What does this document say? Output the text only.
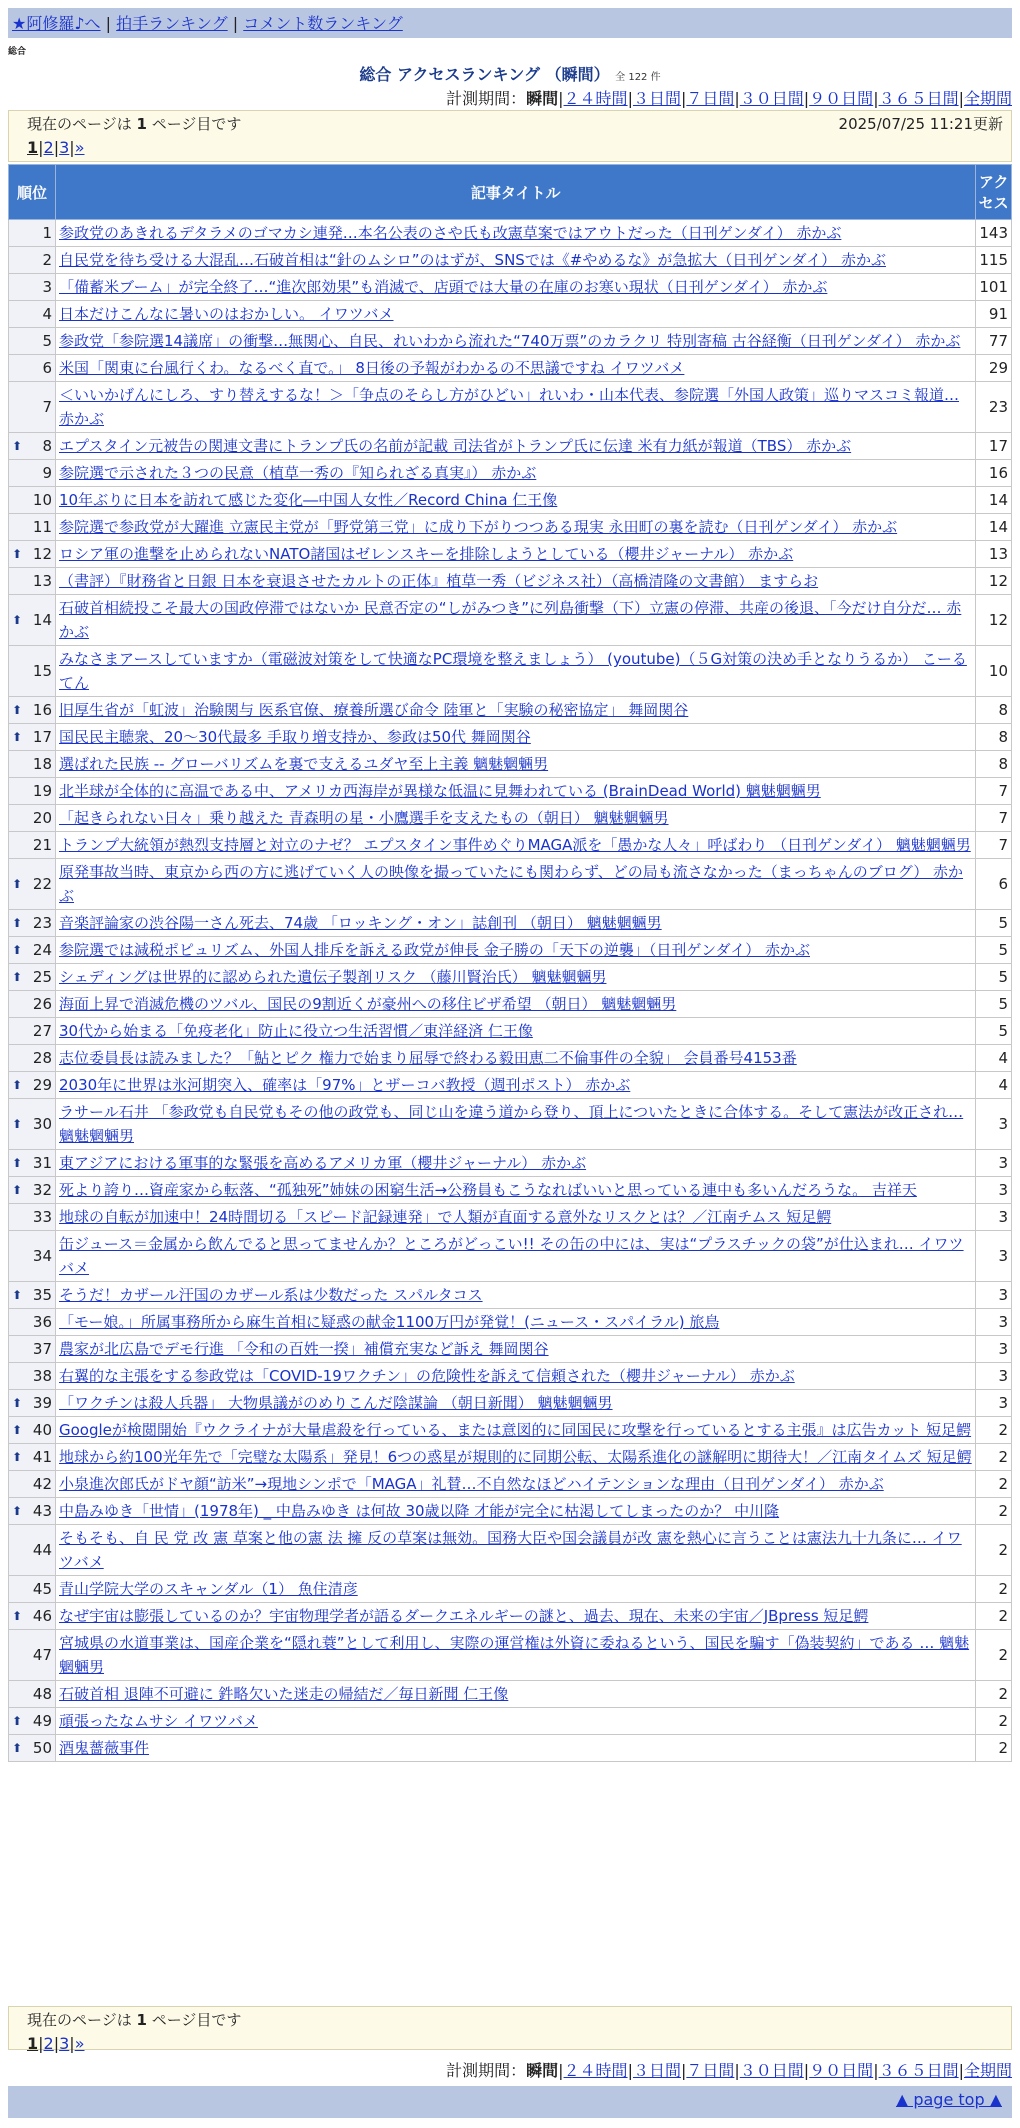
★阿修羅♪へ | 拍手ランキング | コメント数ランキング
総合
総合 アクセスランキング （瞬間） 全 122 件
計測期間：瞬間|２４時間|３日間|７日間|３０日間|９０日間|３６５日間|全期間
現在のページは 1 ページ目です	2025/07/25 11:21更新
1|2|3|»
順位	記事タイトル	アクセス
1	参政党のあきれるデタラメのゴマカシ連発…本名公表のさや氏も改憲草案ではアウトだった（日刊ゲンダイ） 赤かぶ	143
2	自民党を待ち受ける大混乱…石破首相は“針のムシロ”のはずが、SNSでは《#やめるな》が急拡大（日刊ゲンダイ） 赤かぶ	115
3	「備蓄米ブーム」が完全終了…“進次郎効果”も消滅で、店頭では大量の在庫のお寒い現状（日刊ゲンダイ） 赤かぶ	101
4	日本だけこんなに暑いのはおかしい。 イワツバメ	91
5	参政党「参院選14議席」の衝撃…無関心、自民、れいわから流れた“740万票”のカラクリ 特別寄稿 古谷経衡（日刊ゲンダイ） 赤かぶ	77
6	米国「関東に台風行くわ。なるべく直で。」 8日後の予報がわかるの不思議ですね イワツバメ	29
7	＜いいかげんにしろ、すり替えするな！＞「争点のそらし方がひどい」れいわ・山本代表、参院選「外国人政策」巡りマスコミ報道… 赤かぶ	23

⬆ 8	エプスタイン元被告の関連文書にトランプ氏の名前が記載 司法省がトランプ氏に伝達 米有力紙が報道（TBS） 赤かぶ	17
9	参院選で示された３つの民意（植草一秀の『知られざる真実』） 赤かぶ	16
10	10年ぶりに日本を訪れて感じた変化―中国人女性／Record China 仁王像	14
11	参院選で参政党が大躍進 立憲民主党が「野党第三党」に成り下がりつつある現実 永田町の裏を読む（日刊ゲンダイ） 赤かぶ	14

⬆ 12	ロシア軍の進撃を止められないNATO諸国はゼレンスキーを排除しようとしている（櫻井ジャーナル） 赤かぶ	13
13	（書評）『財務省と日銀 日本を衰退させたカルトの正体』植草一秀（ビジネス社）（高橋清隆の文書館） ますらお	12

⬆ 14	石破首相続投こそ最大の国政停滞ではないか 民意否定の“しがみつき”に列島衝撃（下）立憲の停滞、共産の後退、「今だけ自分だ… 赤かぶ	12
15	みなさまアースしていますか（電磁波対策をして快適なPC環境を整えましょう） (youtube)（５G対策の決め手となりうるか） こーるてん	10

⬆ 16	旧厚生省が「虹波」治験関与 医系官僚、療養所選び命令 陸軍と「実験の秘密協定」 舞岡関谷	8

⬆ 17	国民民主聴衆、20〜30代最多 手取り増支持か、参政は50代 舞岡関谷	8
18	選ばれた民族 -- グローバリズムを裏で支えるユダヤ至上主義 魑魅魍魎男	8
19	北半球が全体的に高温である中、アメリカ西海岸が異様な低温に見舞われている (BrainDead World) 魑魅魍魎男	7
20	「起きられない日々」乗り越えた 青森明の星・小鷹選手を支えたもの（朝日） 魑魅魍魎男	7
21	トランプ大統領が熱烈支持層と対立のナゼ？ エプスタイン事件めぐりMAGA派を「愚かな人々」呼ばわり （日刊ゲンダイ） 魑魅魍魎男	7

⬆ 22	原発事故当時、東京から西の方に逃げていく人の映像を撮っていたにも関わらず、どの局も流さなかった（まっちゃんのブログ） 赤かぶ	6

⬆ 23	音楽評論家の渋谷陽一さん死去、74歳 「ロッキング・オン」誌創刊 （朝日） 魑魅魍魎男	5

⬆ 24	参院選では減税ポピュリズム、外国人排斥を訴える政党が伸長 金子勝の「天下の逆襲」（日刊ゲンダイ） 赤かぶ	5

⬆ 25	シェディングは世界的に認められた遺伝子製剤リスク （藤川賢治氏） 魑魅魍魎男	5
26	海面上昇で消滅危機のツバル、国民の9割近くが豪州への移住ビザ希望 （朝日） 魑魅魍魎男	5
27	30代から始まる「免疫老化」防止に役立つ生活習慣／東洋経済 仁王像	5
28	志位委員長は読みました？「鮎とピク 権力で始まり屈辱で終わる毅田恵二不倫事件の全貌」 会員番号4153番	4

⬆ 29	2030年に世界は氷河期突入、確率は「97%」とザーコバ教授（週刊ポスト） 赤かぶ	4

⬆ 30	ラサール石井 「参政党も自民党もその他の政党も、同じ山を違う道から登り、頂上についたときに合体する。そして憲法が改正され… 魑魅魍魎男	3

⬆ 31	東アジアにおける軍事的な緊張を高めるアメリカ軍（櫻井ジャーナル） 赤かぶ	3

⬆ 32	死より誇り…資産家から転落、“孤独死”姉妹の困窮生活→公務員もこうなればいいと思っている連中も多いんだろうな。 吉祥天	3
33	地球の自転が加速中！24時間切る「スピード記録連発」で人類が直面する意外なリスクとは？／江南チムス 短足鰐	3
34	缶ジュース＝金属から飲んでると思ってませんか？ところがどっこい!! その缶の中には、実は“プラスチックの袋”が仕込まれ… イワツバメ	3

⬆ 35	そうだ！カザール汗国のカザール系は少数だった スパルタコス	3
36	「モー娘。」所属事務所から麻生首相に疑惑の献金1100万円が発覚！(ニュース・スパイラル) 旅鳥	3
37	農家が北広島でデモ行進 「令和の百姓一揆」補償充実など訴え 舞岡関谷	3
38	右翼的な主張をする参政党は「COVID-19ワクチン」の危険性を訴えて信頼された（櫻井ジャーナル） 赤かぶ	3

⬆ 39	「ワクチンは殺人兵器」 大物県議がのめりこんだ陰謀論 （朝日新聞） 魑魅魍魎男	3

⬆ 40	Googleが検閲開始『ウクライナが大量虐殺を行っている、または意図的に同国民に攻撃を行っているとする主張』は広告カット 短足鰐	2

⬆ 41	地球から約100光年先で「完璧な太陽系」発見！6つの惑星が規則的に同期公転、太陽系進化の謎解明に期待大！／江南タイムズ 短足鰐	2
42	小泉進次郎氏がドヤ顔“訪米”→現地シンポで「MAGA」礼賛…不自然なほどハイテンションな理由（日刊ゲンダイ） 赤かぶ	2

⬆ 43	中島みゆき「世情」(1978年) _ 中島みゆき は何故 30歳以降 才能が完全に枯渇してしまったのか？ 中川隆	2
44	そもそも、自 民 党 改 憲 草案と他の憲 法 擁 反の草案は無効。国務大臣や国会議員が改 憲を熱心に言うことは憲法九十九条に… イワツバメ	2
45	青山学院大学のスキャンダル（1） 魚住清彦	2

⬆ 46	なぜ宇宙は膨張しているのか？宇宙物理学者が語るダークエネルギーの謎と、過去、現在、未来の宇宙／JBpress 短足鰐	2
47	宮城県の水道事業は、国産企業を“隠れ蓑”として利用し、実際の運営権は外資に委ねるという、国民を騙す「偽装契約」である … 魑魅魍魎男	2
48	石破首相 退陣不可避に 鈝略欠いた迷走の帰結だ／毎日新聞 仁王像	2

⬆ 49	頑張ったなムサシ イワツバメ	2

⬆ 50	酒鬼薔薇事件	2
現在のページは 1 ページ目です
1|2|3|»
計測期間：瞬間|２４時間|３日間|７日間|３０日間|９０日間|３６５日間|全期間
▲ page top ▲
